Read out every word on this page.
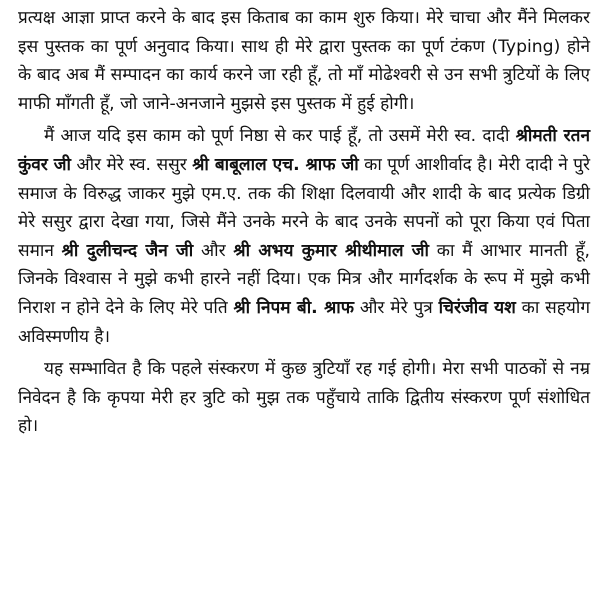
प्रत्यक्ष आज्ञा प्राप्त करने के बाद इस किताब का काम शुरु किया। मेरे चाचा और मैंने मिलकर इस पुस्तक का पूर्ण अनुवाद किया। साथ ही मेरे द्वारा पुस्तक का पूर्ण टंकण (Typing) होने के बाद अब मैं सम्पादन का कार्य करने जा रही हूँ, तो माँ मोढेश्वरी से उन सभी त्रुटियों के लिए माफी माँगती हूँ, जो जाने-अनजाने मुझसे इस पुस्तक में हुई होगी।

मैं आज यदि इस काम को पूर्ण निष्ठा से कर पाई हूँ, तो उसमें मेरी स्व. दादी श्रीमती रतन कुंवर जी और मेरे स्व. ससुर श्री बाबूलाल एच. श्राफ जी का पूर्ण आशीर्वाद है। मेरी दादी ने पुरे समाज के विरुद्ध जाकर मुझे एम.ए. तक की शिक्षा दिलवायी और शादी के बाद प्रत्येक डिग्री मेरे ससुर द्वारा देखा गया, जिसे मैंने उनके मरने के बाद उनके सपनों को पूरा किया एवं पिता समान श्री दुलीचन्द जैन जी और श्री अभय कुमार श्रीथीमाल जी का मैं आभार मानती हूँ, जिनके विश्वास ने मुझे कभी हारने नहीं दिया। एक मित्र और मार्गदर्शक के रूप में मुझे कभी निराश न होने देने के लिए मेरे पति श्री निपम बी. श्राफ और मेरे पुत्र चिरंजीव यश का सहयोग अविस्मणीय है।

यह सम्भावित है कि पहले संस्करण में कुछ त्रुटियाँ रह गई होगी। मेरा सभी पाठकों से नम्र निवेदन है कि कृपया मेरी हर त्रुटि को मुझ तक पहुँचाये ताकि द्वितीय संस्करण पूर्ण संशोधित हो।
